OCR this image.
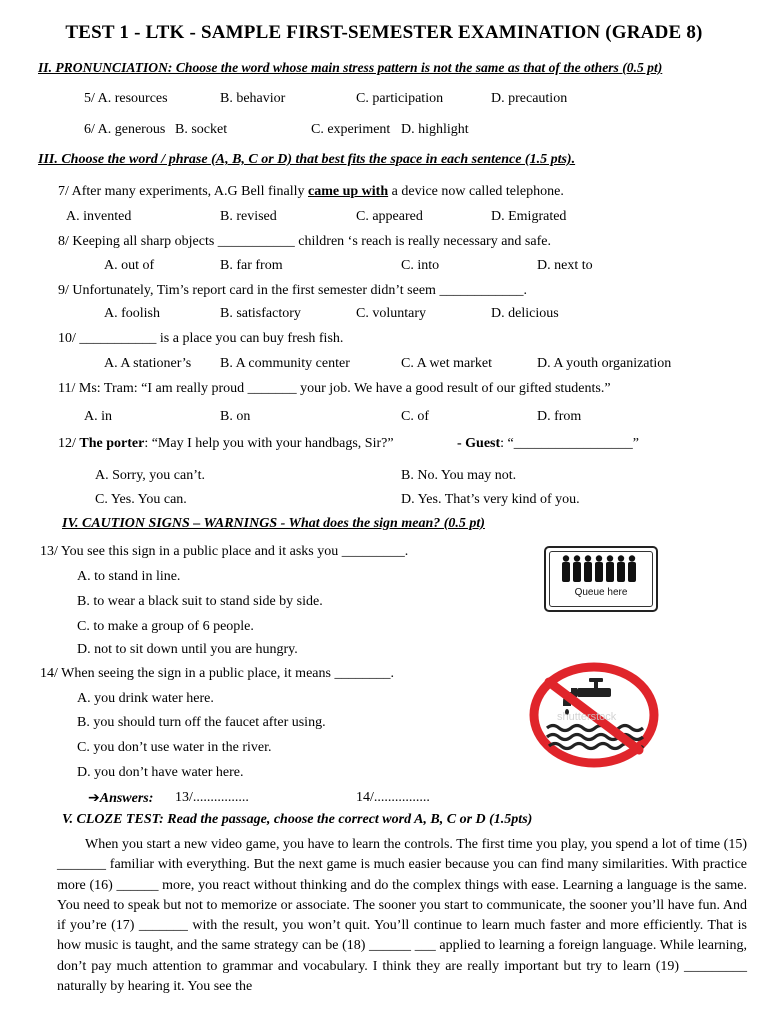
TEST 1 - LTK - SAMPLE FIRST-SEMESTER EXAMINATION (GRADE 8)
II. PRONUNCIATION: Choose the word whose main stress pattern is not the same as that of the others (0.5 pt)
5/ A. resources	B. behavior	C. participation	D. precaution
6/ A. generous B. socket	C. experiment D. highlight
III. Choose the word / phrase (A, B, C or D) that best fits the space in each sentence (1.5 pts).
7/ After many experiments, A.G Bell finally came up with a device now called telephone.
A. invented	B. revised	C. appeared	D. Emigrated
8/ Keeping all sharp objects ___________ children ‘s reach is really necessary and safe.
A. out of	B. far from	C. into	D. next to
9/ Unfortunately, Tim’s report card in the first semester didn’t seem ____________.
A. foolish	B. satisfactory	C. voluntary	D. delicious
10/ ___________ is a place you can buy fresh fish.
A. A stationer’s B. A community center	C. A wet market	D. A youth organization
11/ Ms: Tram: “I am really proud _______ your job. We have a good result of our gifted students.”
A. in	B. on	C. of	D. from
12/ The porter: “May I help you with your handbags, Sir?”	- Guest: “_________________”
A. Sorry, you can’t.	B. No. You may not.
C. Yes. You can.	D. Yes. That’s very kind of you.
IV. CAUTION SIGNS – WARNINGS - What does the sign mean? (0.5 pt)
13/ You see this sign in a public place and it asks you _________.
A. to stand in line.
B. to wear a black suit to stand side by side.
C. to make a group of 6 people.
D. not to sit down until you are hungry.
Queue here
14/ When seeing the sign in a public place, it means ________.
A. you drink water here.
B. you should turn off the faucet after using.
C. you don’t use water in the river.
D. you don’t have water here.
shutterstock
➔Answers: 13/................	14/................
V. CLOZE TEST: Read the passage, choose the correct word A, B, C or D (1.5pts)
When you start a new video game, you have to learn the controls. The first time you play, you spend a lot of time (15) _______ familiar with everything. But the next game is much easier because you can find many similarities. With practice more (16) ______ more, you react without thinking and do the complex things with ease. Learning a language is the same. You need to speak but not to memorize or associate. The sooner you start to communicate, the sooner you’ll have fun. And if you’re (17) _______ with the result, you won’t quit. You’ll continue to learn much faster and more efficiently. That is how music is taught, and the same strategy can be (18) ______ ___ applied to learning a foreign language. While learning, don’t pay much attention to grammar and vocabulary. I think they are really important but try to learn (19) _________ naturally by hearing it. You see the
